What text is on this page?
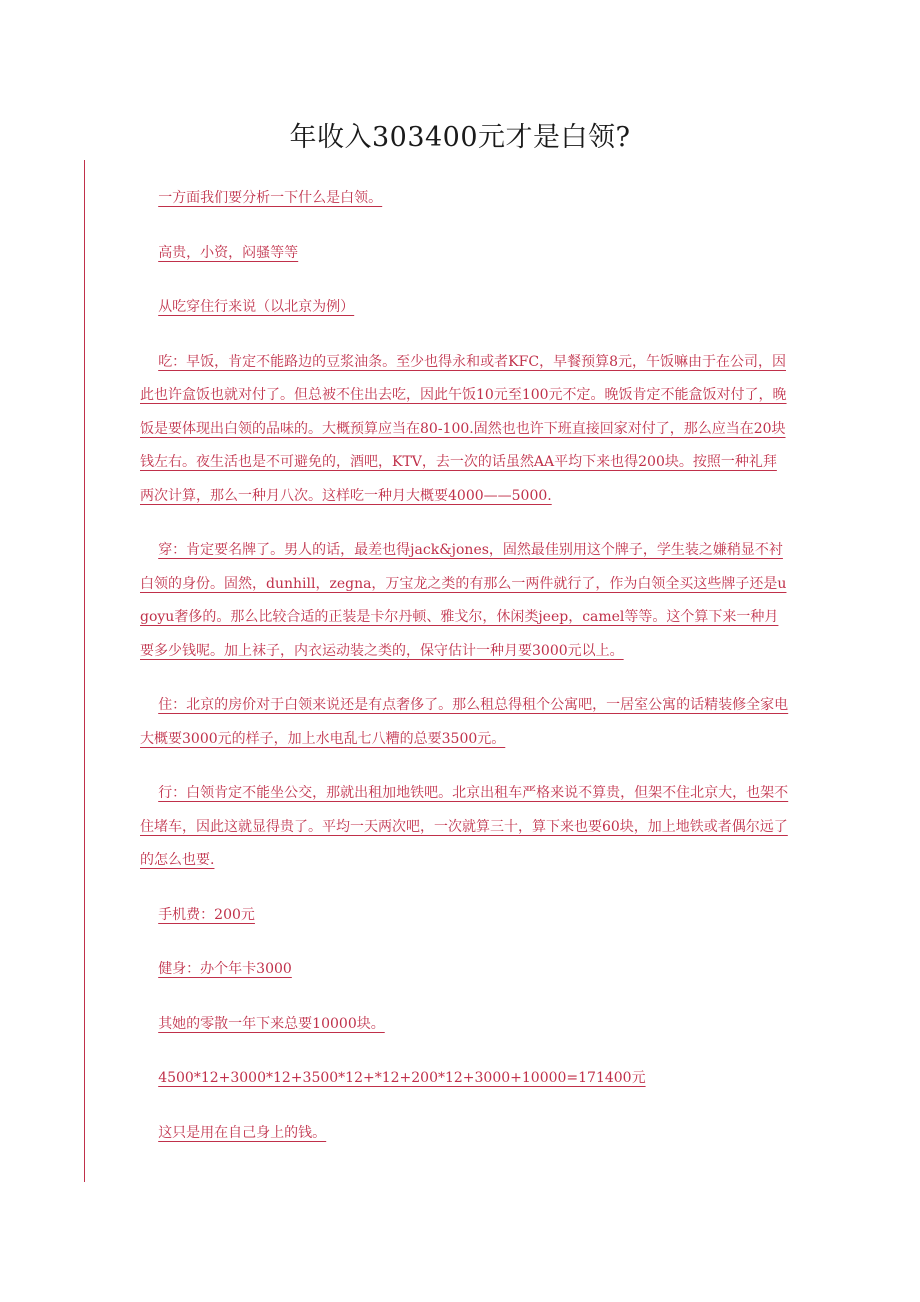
年收入303400元才是白领?

一方面我们要分析一下什么是白领。

高贵，小资，闷骚等等

从吃穿住行来说（以北京为例）

吃：早饭，肯定不能路边的豆浆油条。至少也得永和或者KFC，早餐预算8元，午饭嘛由于在公司，因此也许盒饭也就对付了。但总被不住出去吃，因此午饭10元至100元不定。晚饭肯定不能盒饭对付了，晚饭是要体现出白领的品味的。大概预算应当在80-100.固然也也许下班直接回家对付了，那么应当在20块钱左右。夜生活也是不可避免的，酒吧，KTV，去一次的话虽然AA平均下来也得200块。按照一种礼拜两次计算，那么一种月八次。这样吃一种月大概要4000——5000.

穿：肯定要名牌了。男人的话，最差也得jack&jones，固然最佳别用这个牌子，学生装之嫌稍显不衬白领的身份。固然，dunhill，zegna，万宝龙之类的有那么一两件就行了，作为白领全买这些牌子还是ugoyu奢侈的。那么比较合适的正装是卡尔丹顿、雅戈尔，休闲类jeep，camel等等。这个算下来一种月要多少钱呢。加上袜子，内衣运动装之类的，保守估计一种月要3000元以上。

住：北京的房价对于白领来说还是有点奢侈了。那么租总得租个公寓吧，一居室公寓的话精装修全家电大概要3000元的样子，加上水电乱七八糟的总要3500元。

行：白领肯定不能坐公交，那就出租加地铁吧。北京出租车严格来说不算贵，但架不住北京大，也架不住堵车，因此这就显得贵了。平均一天两次吧，一次就算三十，算下来也要60块，加上地铁或者偶尔远了的怎么也要.

手机费：200元

健身：办个年卡3000

其她的零散一年下来总要10000块。

4500*12+3000*12+3500*12+*12+200*12+3000+10000=171400元

这只是用在自己身上的钱。
